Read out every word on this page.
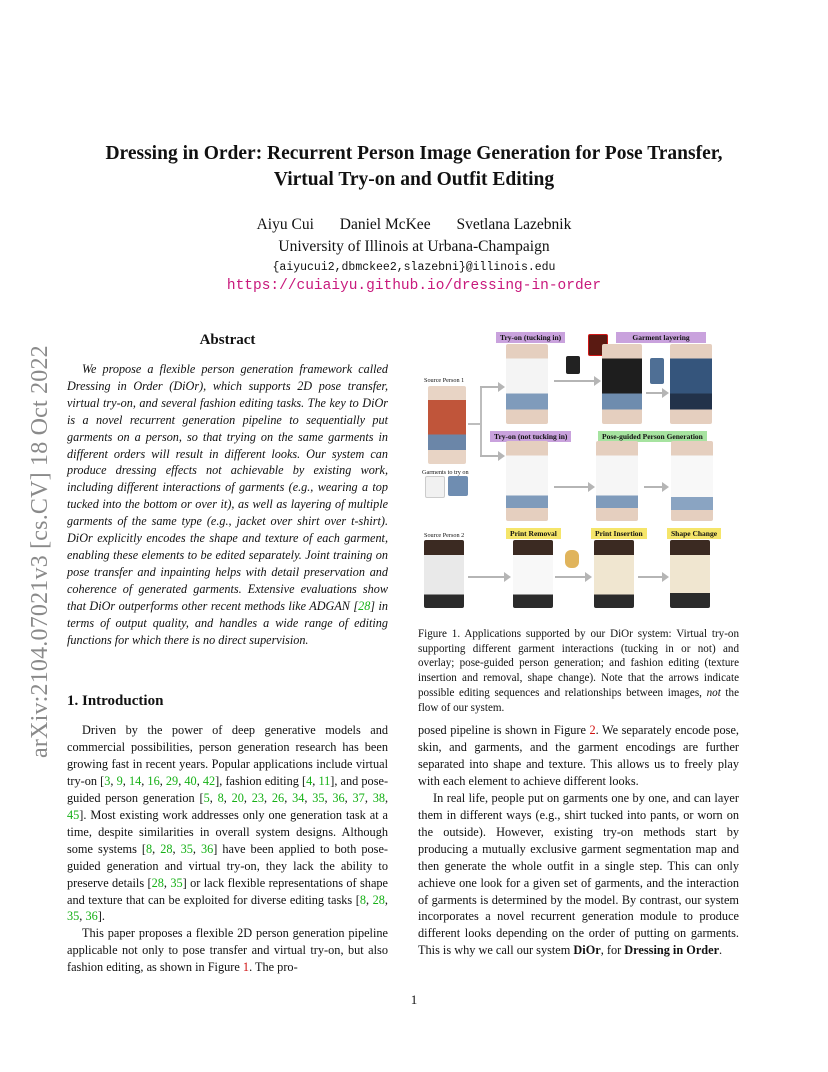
arXiv:2104.07021v3 [cs.CV] 18 Oct 2022
Dressing in Order: Recurrent Person Image Generation for Pose Transfer,
Virtual Try-on and Outfit Editing
Aiyu Cui Daniel McKee Svetlana Lazebnik
University of Illinois at Urbana-Champaign
{aiyucui2,dbmckee2,slazebni}@illinois.edu
https://cuiaiyu.github.io/dressing-in-order
Abstract

We propose a flexible person generation framework called Dressing in Order (DiOr), which supports 2D pose transfer, virtual try-on, and several fashion editing tasks. The key to DiOr is a novel recurrent generation pipeline to sequentially put garments on a person, so that trying on the same garments in different orders will result in different looks. Our system can produce dressing effects not achievable by existing work, including different interactions of garments (e.g., wearing a top tucked into the bottom or over it), as well as layering of multiple garments of the same type (e.g., jacket over shirt over t-shirt). DiOr explicitly encodes the shape and texture of each garment, enabling these elements to be edited separately. Joint training on pose transfer and inpainting helps with detail preservation and coherence of generated garments. Extensive evaluations show that DiOr outperforms other recent methods like ADGAN [28] in terms of output quality, and handles a wide range of editing functions for which there is no direct supervision.

1. Introduction

Driven by the power of deep generative models and commercial possibilities, person generation research has been growing fast in recent years. Popular applications include virtual try-on [3, 9, 14, 16, 29, 40, 42], fashion editing [4, 11], and pose-guided person generation [5, 8, 20, 23, 26, 34, 35, 36, 37, 38, 45]. Most existing work addresses only one generation task at a time, despite similarities in overall system designs. Although some systems [8, 28, 35, 36] have been applied to both pose-guided generation and virtual try-on, they lack the ability to preserve details [28, 35] or lack flexible representations of shape and texture that can be exploited for diverse editing tasks [8, 28, 35, 36].

This paper proposes a flexible 2D person generation pipeline applicable not only to pose transfer and virtual try-on, but also fashion editing, as shown in Figure 1. The pro-

posed pipeline is shown in Figure 2. We separately encode pose, skin, and garments, and the garment encodings are further separated into shape and texture. This allows us to freely play with each element to achieve different looks.

In real life, people put on garments one by one, and can layer them in different ways (e.g., shirt tucked into pants, or worn on the outside). However, existing try-on methods start by producing a mutually exclusive garment segmentation map and then generate the whole outfit in a single step. This can only achieve one look for a given set of garments, and the interaction of garments is determined by the model. By contrast, our system incorporates a novel recurrent generation module to produce different looks depending on the order of putting on garments. This is why we call our system DiOr, for Dressing in Order.

Try-on (tucking in)	Garment layering
Try-on (not tucking in)	Pose-guided Person Generation
Print Removal	Print Insertion	Shape Change
Source Person 1
Garments to try on
Source Person 2

Figure 1. Applications supported by our DiOr system: Virtual try-on supporting different garment interactions (tucking in or not) and overlay; pose-guided person generation; and fashion editing (texture insertion and removal, shape change). Note that the arrows indicate possible editing sequences and relationships between images, not the flow of our system.

1
